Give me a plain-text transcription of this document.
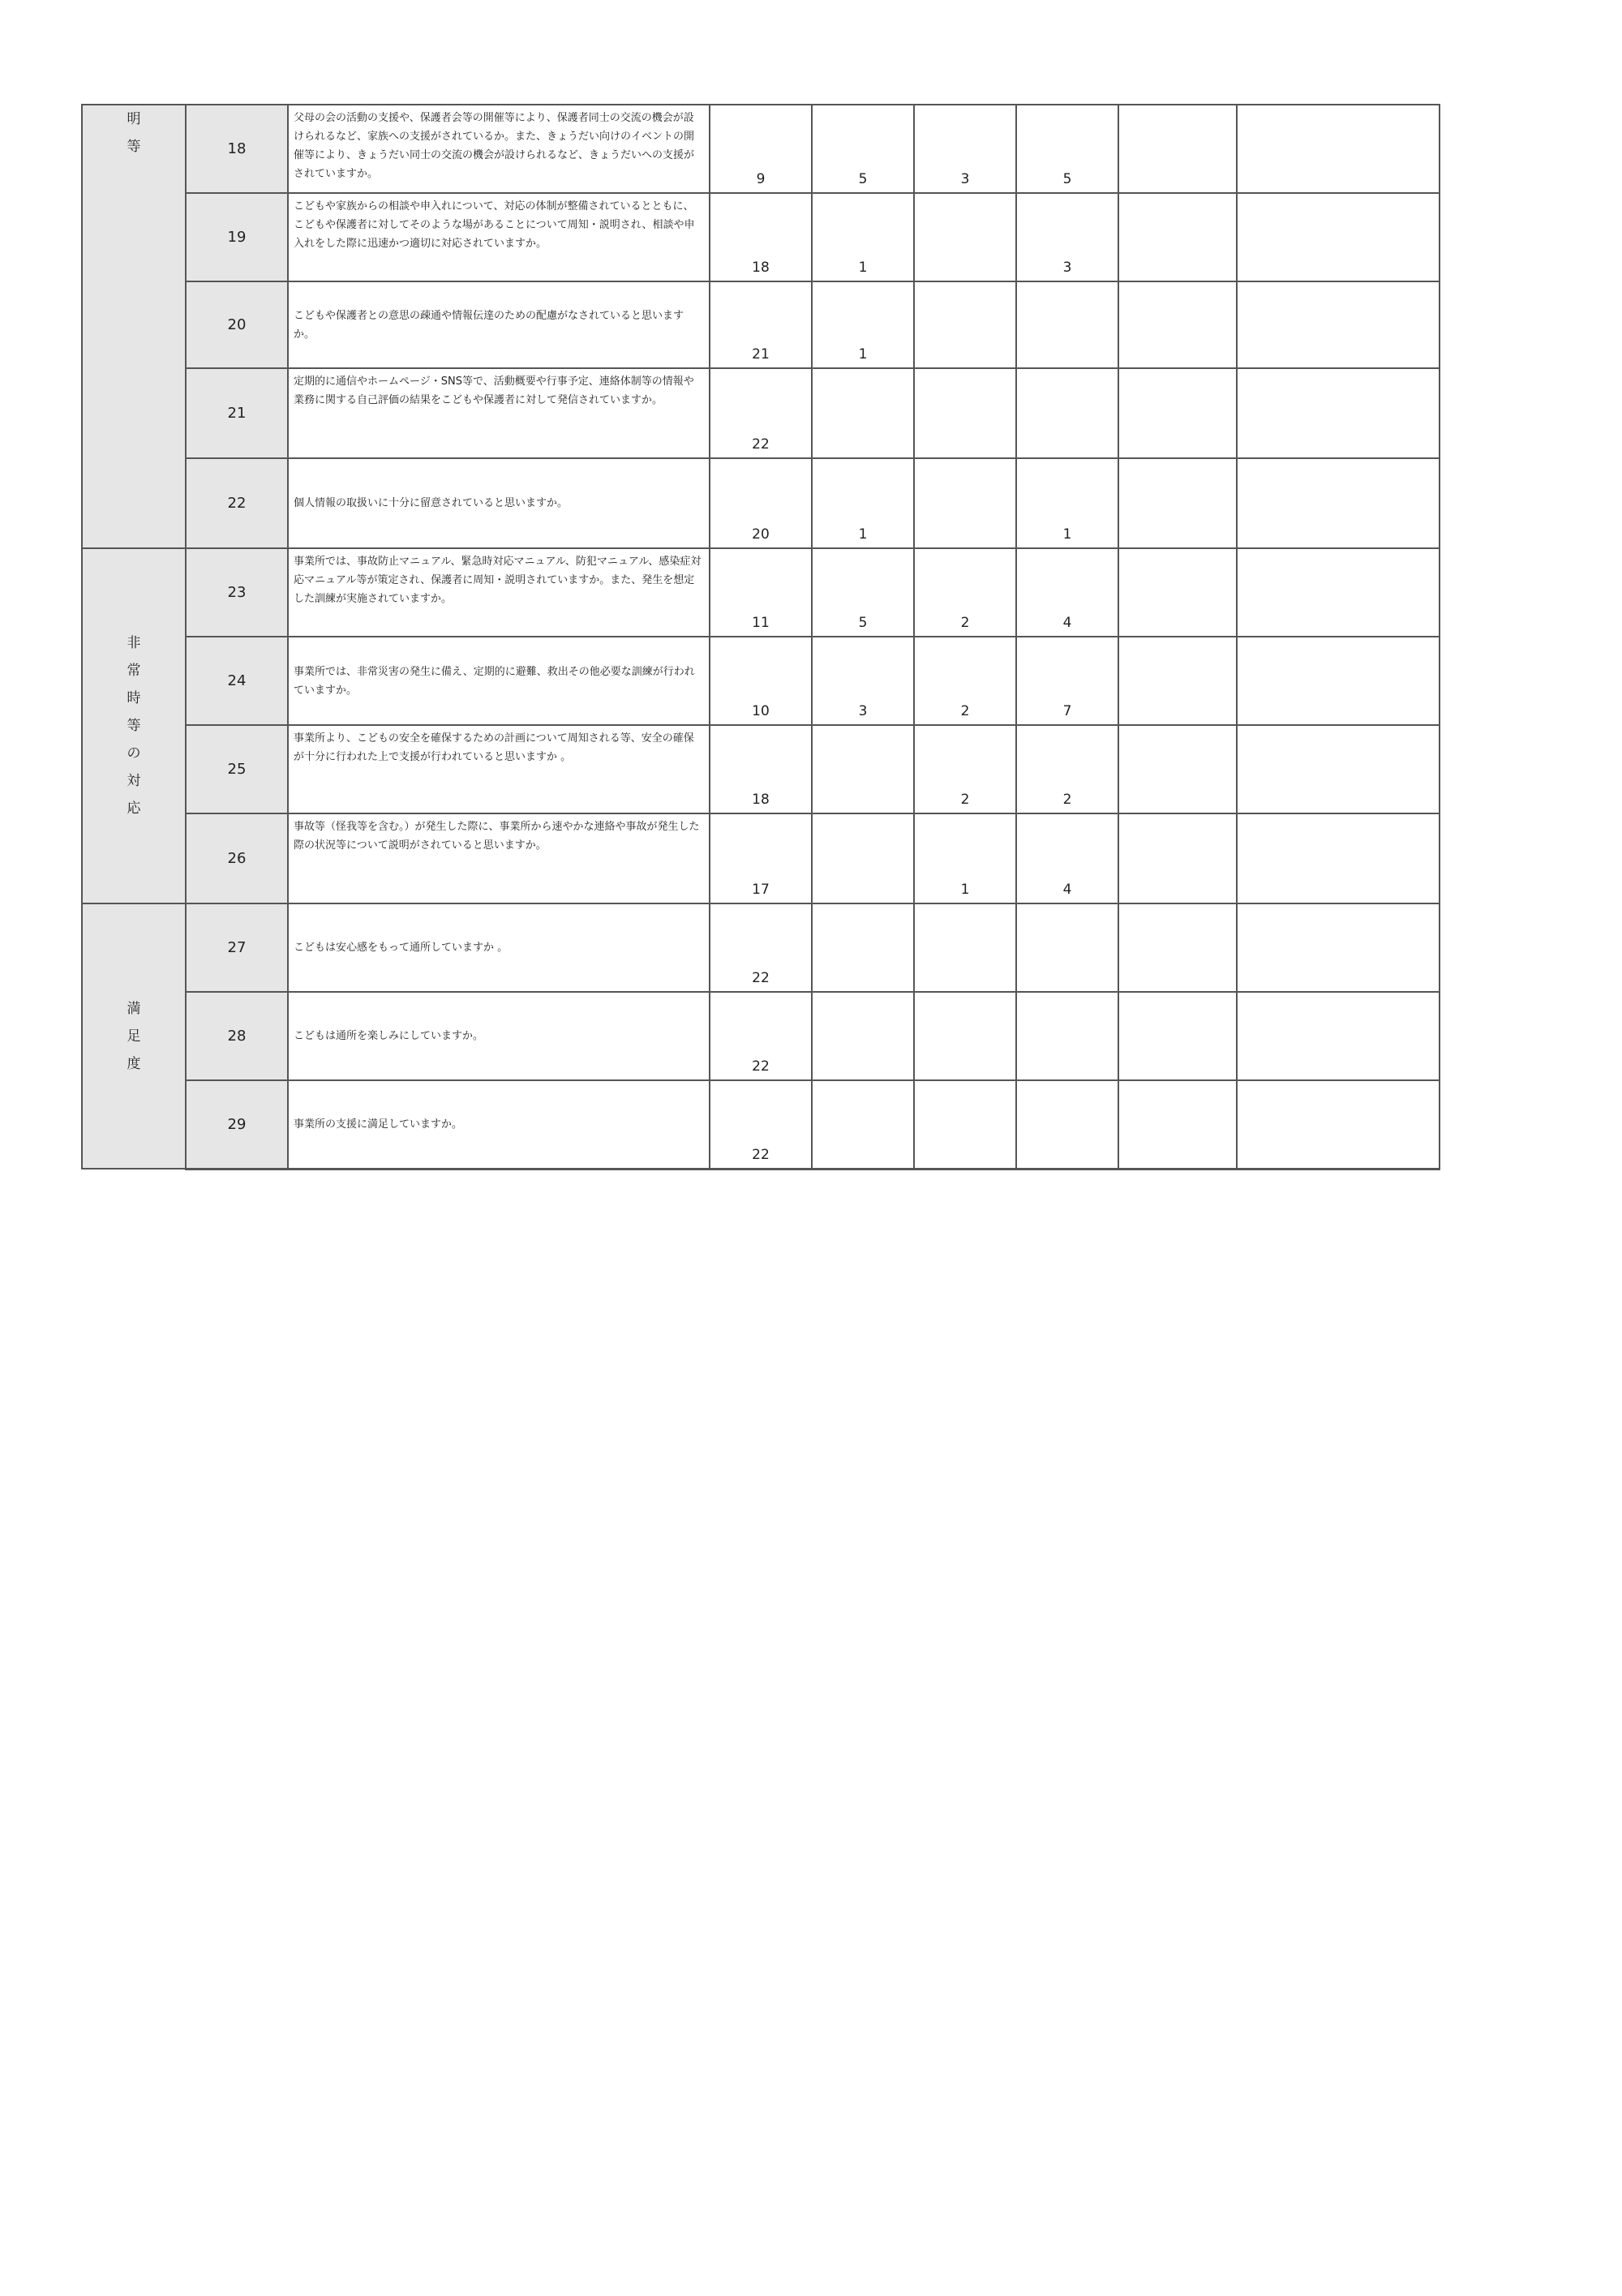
明等	18	父母の会の活動の支援や、保護者会等の開催等により、保護者同士の交流の機会が設けられるなど、家族への支援がされているか。また、きょうだい向けのイベントの開催等により、きょうだい同士の交流の機会が設けられるなど、きょうだいへの支援がされていますか。	9	5	3	5		

	19	こどもや家族からの相談や申入れについて、対応の体制が整備されているとともに、こどもや保護者に対してそのような場があることについて周知・説明され、相談や申入れをした際に迅速かつ適切に対応されていますか。	18	1		3		

	20	こどもや保護者との意思の疎通や情報伝達のための配慮がなされていると思いますか。	21	1				

	21	定期的に通信やホームページ・SNS等で、活動概要や行事予定、連絡体制等の情報や業務に関する自己評価の結果をこどもや保護者に対して発信されていますか。	22					

	22	個人情報の取扱いに十分に留意されていると思いますか。	20	1		1		

非常時等の対応	23	事業所では、事故防止マニュアル、緊急時対応マニュアル、防犯マニュアル、感染症対応マニュアル等が策定され、保護者に周知・説明されていますか。また、発生を想定した訓練が実施されていますか。	11	5	2	4		

	24	事業所では、非常災害の発生に備え、定期的に避難、救出その他必要な訓練が行われていますか。	10	3	2	7		

	25	事業所より、こどもの安全を確保するための計画について周知される等、安全の確保が十分に行われた上で支援が行われていると思いますか 。	18		2	2		

	26	事故等（怪我等を含む。）が発生した際に、事業所から速やかな連絡や事故が発生した際の状況等について説明がされていると思いますか。	17		1	4		

満足度	27	こどもは安心感をもって通所していますか 。	22					

	28	こどもは通所を楽しみにしていますか。	22					

	29	事業所の支援に満足していますか。	22					
